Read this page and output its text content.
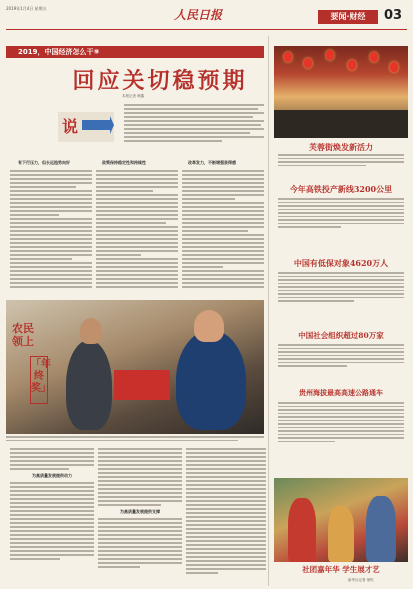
2019年1月4日 星期五	人民日报	要闻·财经	03
2019，中国经济怎么干⑨
回应关切稳预期
本报记者 韩鑫
说
有下行压力，但长远趋势向好	政策保持稳定性和持续性	改革发力，不断增强获得感
农民领上
「年终奖」
为高质量发展提供动力
为高质量发展提供支撑
芙蓉街焕发新活力
今年高铁投产新线3200公里
中国有低保对象4620万人
中国社会组织超过80万家
贵州海拔最高高速公路通车
社团嘉年华 学生展才艺
新华社记者 徐钦
